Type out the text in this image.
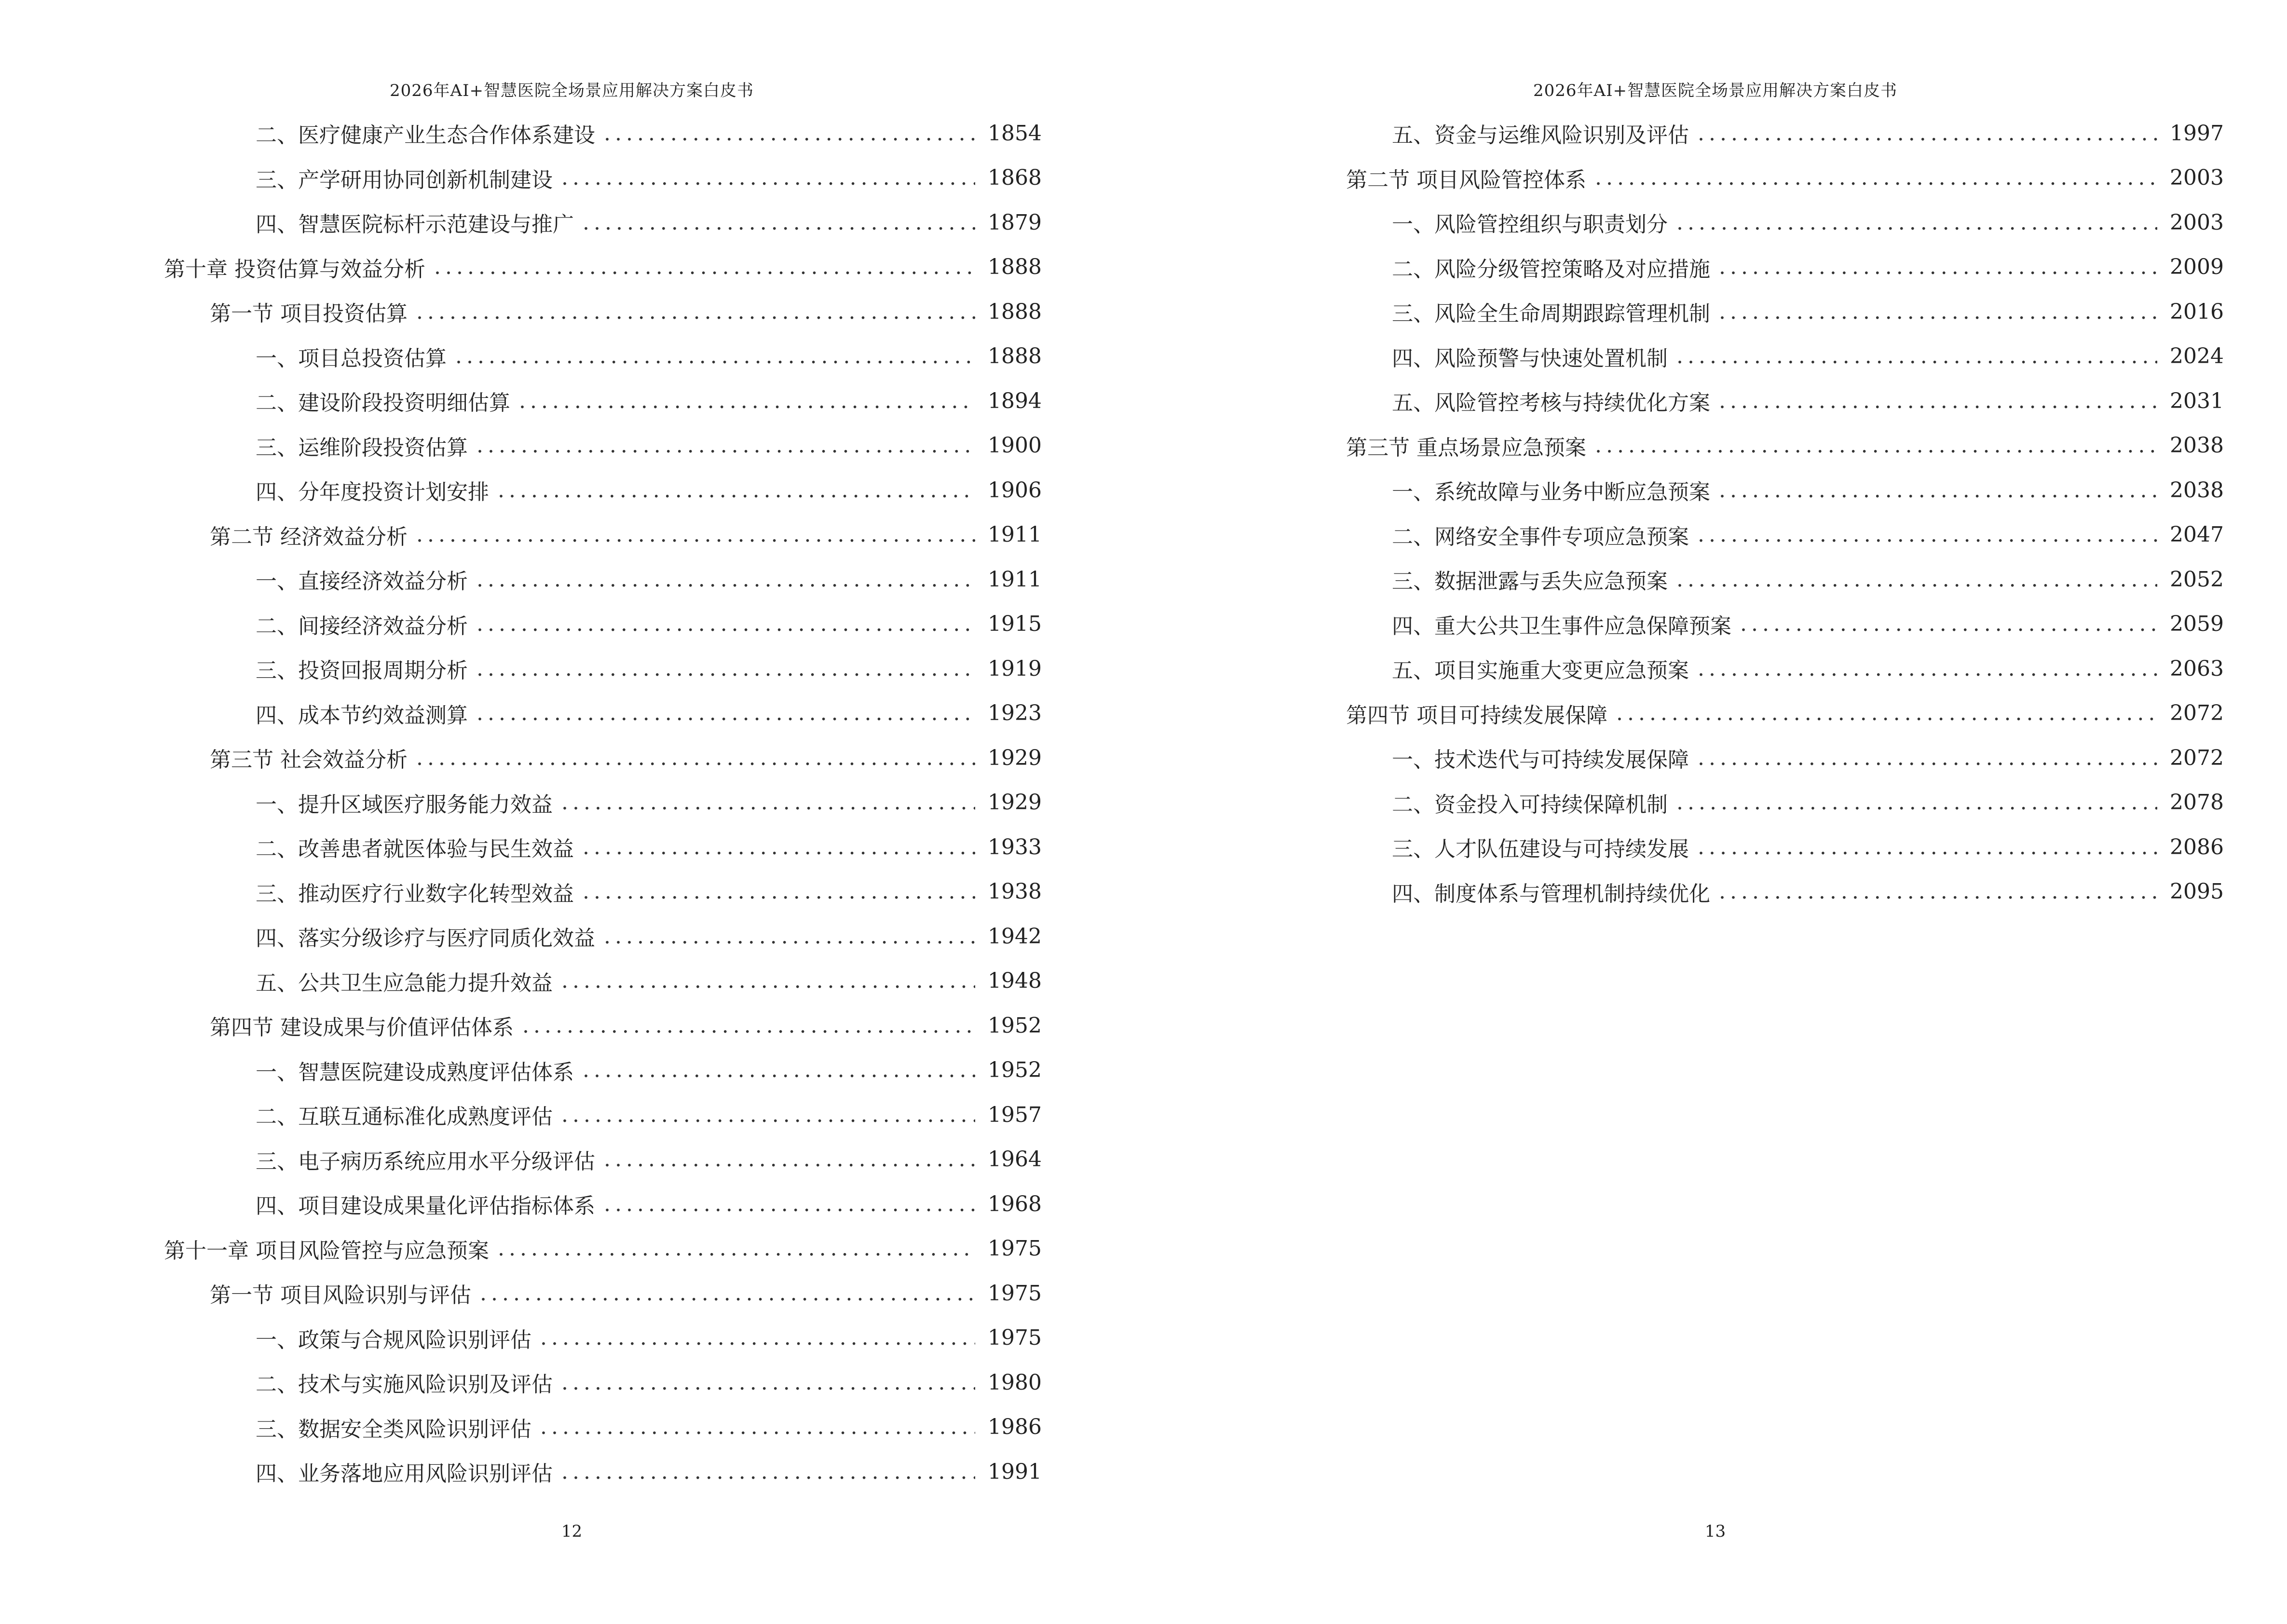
2026年AI+智慧医院全场景应用解决方案白皮书
二、医疗健康产业生态合作体系建设 .....	1854
三、产学研用协同创新机制建设 .....	1868
四、智慧医院标杆示范建设与推广 .....	1879
第十章 投资估算与效益分析 .....	1888
第一节 项目投资估算 .....	1888
一、项目总投资估算 .....	1888
二、建设阶段投资明细估算 .....	1894
三、运维阶段投资估算 .....	1900
四、分年度投资计划安排 .....	1906
第二节 经济效益分析 .....	1911
一、直接经济效益分析 .....	1911
二、间接经济效益分析 .....	1915
三、投资回报周期分析 .....	1919
四、成本节约效益测算 .....	1923
第三节 社会效益分析 .....	1929
一、提升区域医疗服务能力效益 .....	1929
二、改善患者就医体验与民生效益 .....	1933
三、推动医疗行业数字化转型效益 .....	1938
四、落实分级诊疗与医疗同质化效益 .....	1942
五、公共卫生应急能力提升效益 .....	1948
第四节 建设成果与价值评估体系 .....	1952
一、智慧医院建设成熟度评估体系 .....	1952
二、互联互通标准化成熟度评估 .....	1957
三、电子病历系统应用水平分级评估 .....	1964
四、项目建设成果量化评估指标体系 .....	1968
第十一章 项目风险管控与应急预案 .....	1975
第一节 项目风险识别与评估 .....	1975
一、政策与合规风险识别评估 .....	1975
二、技术与实施风险识别及评估 .....	1980
三、数据安全类风险识别评估 .....	1986
四、业务落地应用风险识别评估 .....	1991
12
2026年AI+智慧医院全场景应用解决方案白皮书
五、资金与运维风险识别及评估 .....	1997
第二节 项目风险管控体系 .....	2003
一、风险管控组织与职责划分 .....	2003
二、风险分级管控策略及对应措施 .....	2009
三、风险全生命周期跟踪管理机制 .....	2016
四、风险预警与快速处置机制 .....	2024
五、风险管控考核与持续优化方案 .....	2031
第三节 重点场景应急预案 .....	2038
一、系统故障与业务中断应急预案 .....	2038
二、网络安全事件专项应急预案 .....	2047
三、数据泄露与丢失应急预案 .....	2052
四、重大公共卫生事件应急保障预案 .....	2059
五、项目实施重大变更应急预案 .....	2063
第四节 项目可持续发展保障 .....	2072
一、技术迭代与可持续发展保障 .....	2072
二、资金投入可持续保障机制 .....	2078
三、人才队伍建设与可持续发展 .....	2086
四、制度体系与管理机制持续优化 .....	2095
13
